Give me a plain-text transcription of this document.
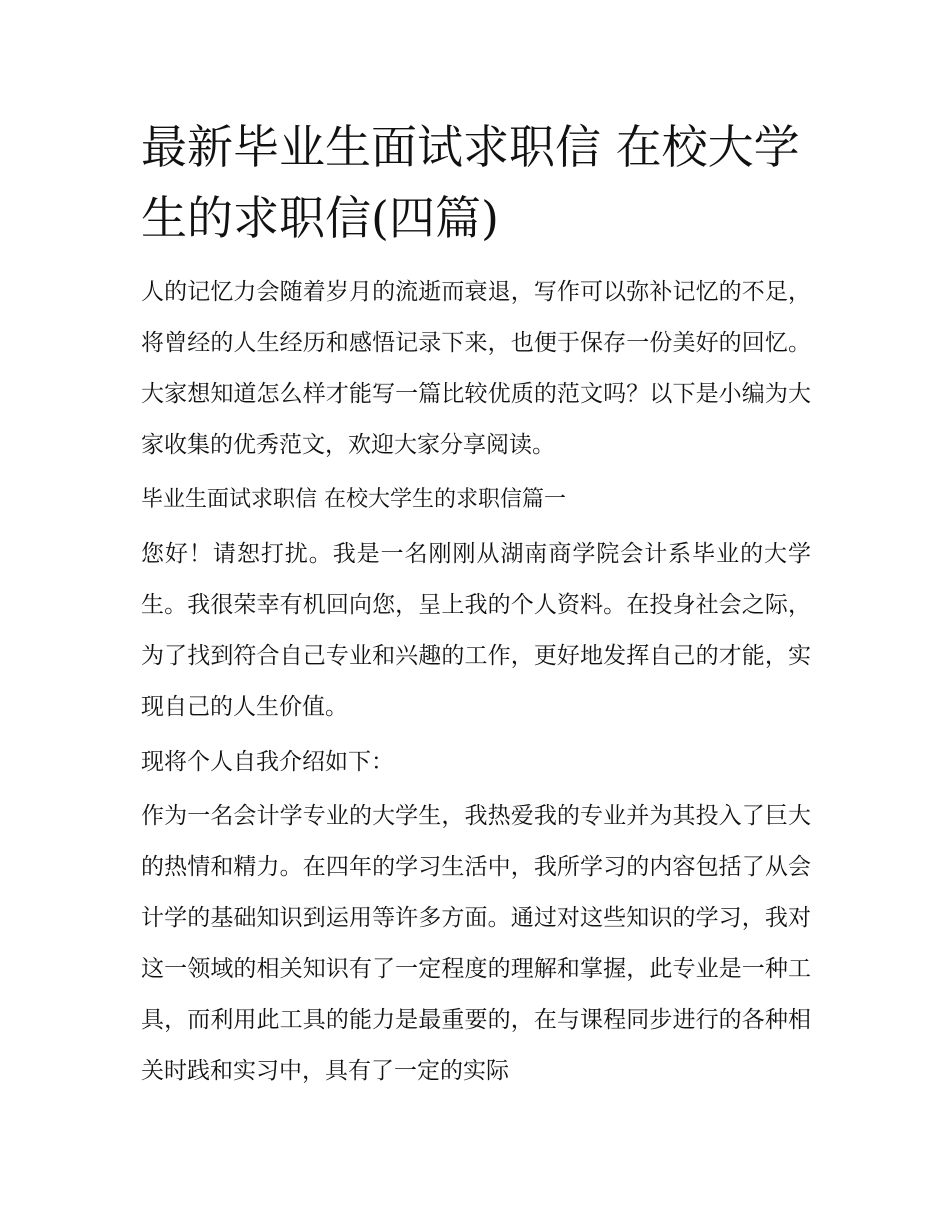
最新毕业生面试求职信 在校大学生的求职信(四篇)

人的记忆力会随着岁月的流逝而衰退，写作可以弥补记忆的不足，将曾经的人生经历和感悟记录下来，也便于保存一份美好的回忆。大家想知道怎么样才能写一篇比较优质的范文吗？以下是小编为大家收集的优秀范文，欢迎大家分享阅读。

毕业生面试求职信 在校大学生的求职信篇一

您好！请恕打扰。我是一名刚刚从湖南商学院会计系毕业的大学生。我很荣幸有机回向您，呈上我的个人资料。在投身社会之际，为了找到符合自己专业和兴趣的工作，更好地发挥自己的才能，实现自己的人生价值。

现将个人自我介绍如下：

作为一名会计学专业的大学生，我热爱我的专业并为其投入了巨大的热情和精力。在四年的学习生活中，我所学习的内容包括了从会计学的基础知识到运用等许多方面。通过对这些知识的学习，我对这一领域的相关知识有了一定程度的理解和掌握，此专业是一种工具，而利用此工具的能力是最重要的，在与课程同步进行的各种相关时践和实习中，具有了一定的实际
